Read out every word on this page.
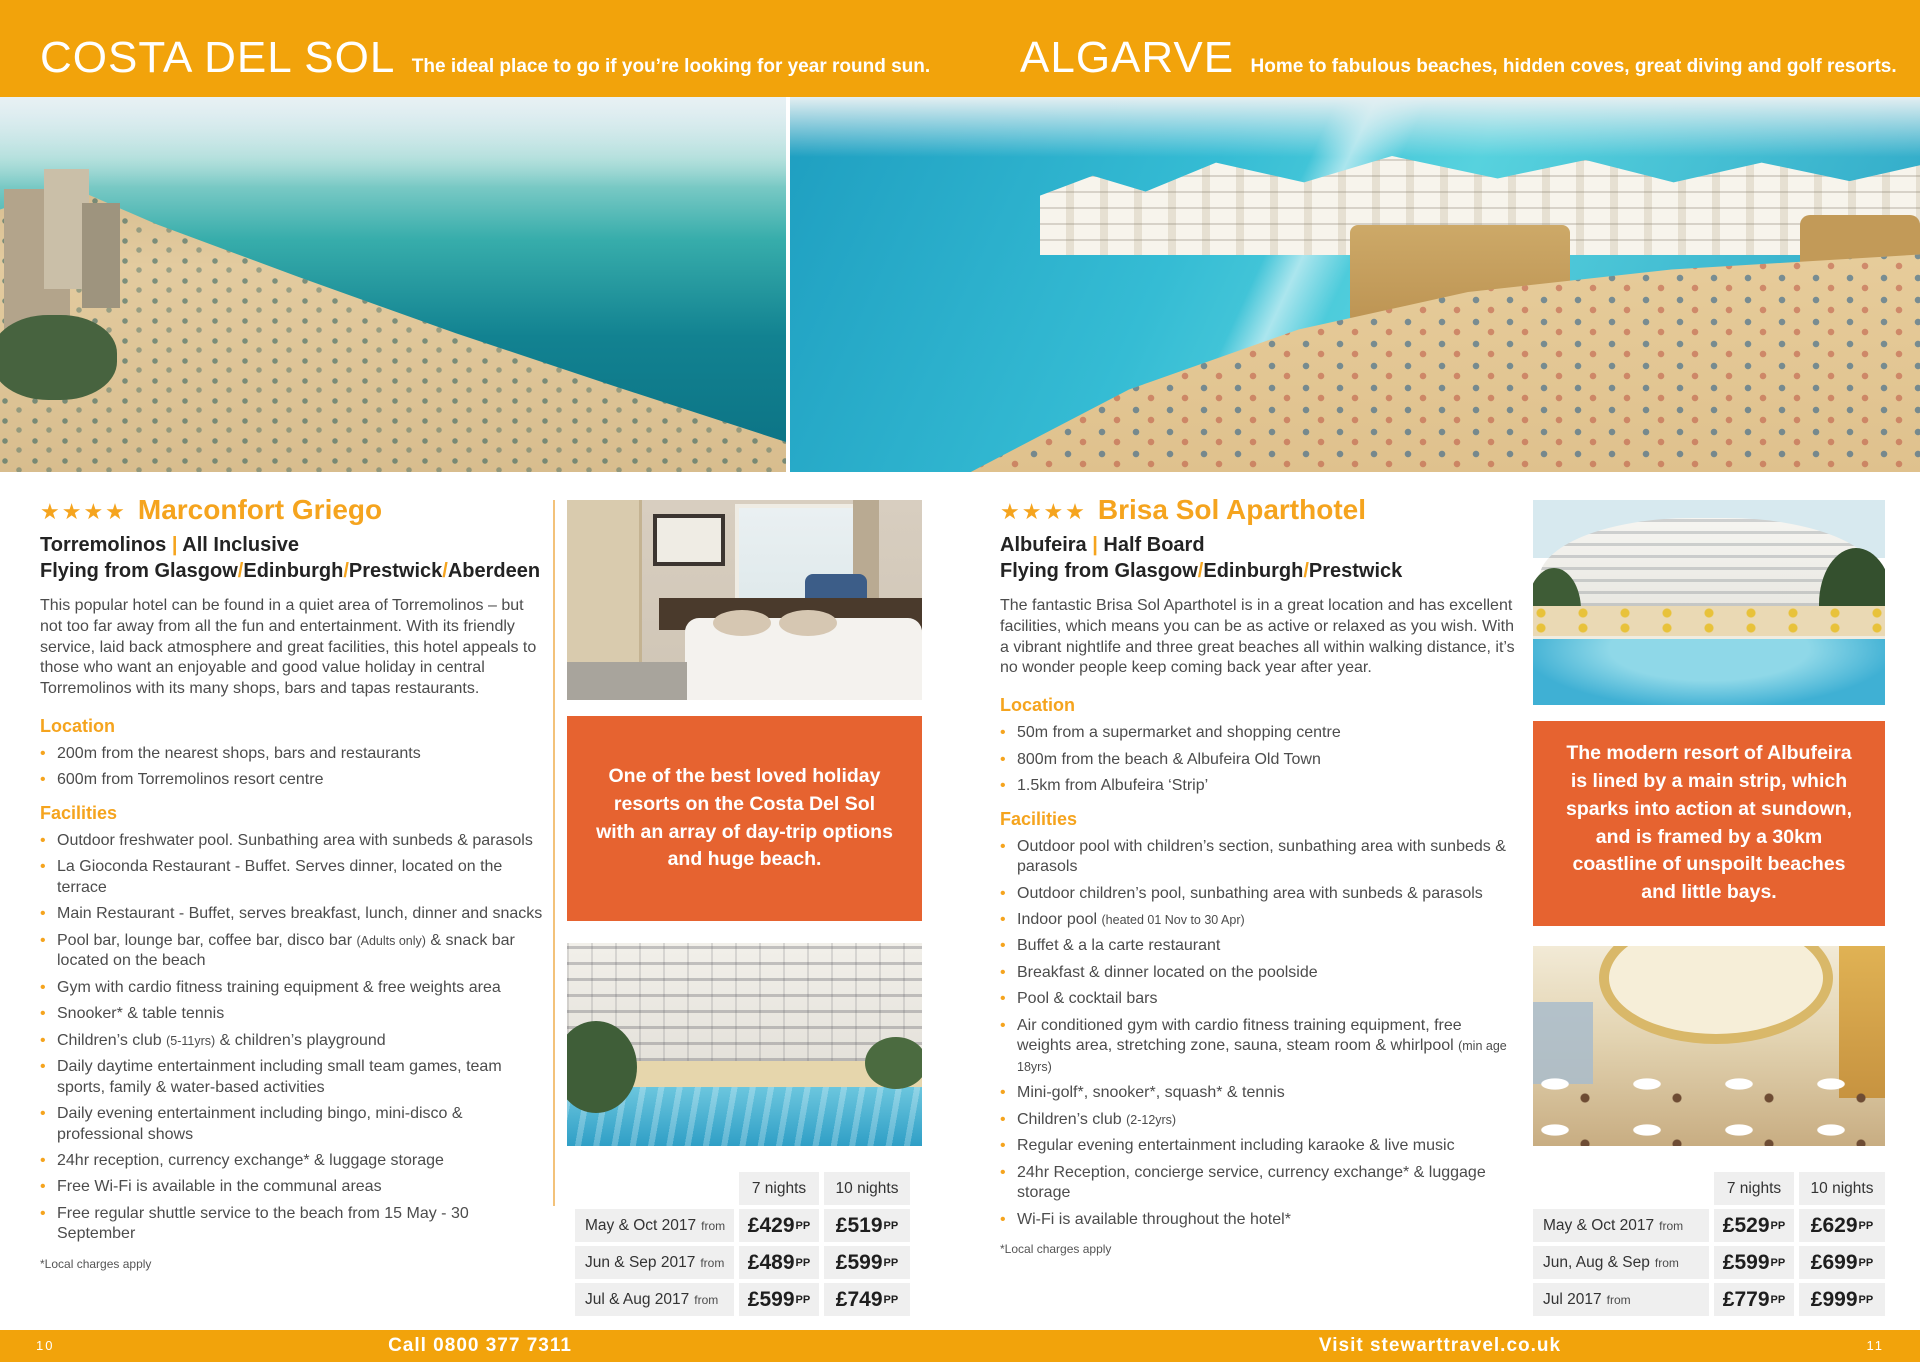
COSTA DEL SOL The ideal place to go if you’re looking for year round sun. ALGARVE Home to fabulous beaches, hidden coves, great diving and golf resorts.
★★★★ Marconfort Griego
Torremolinos | All Inclusive
Flying from Glasgow/Edinburgh/Prestwick/Aberdeen

This popular hotel can be found in a quiet area of Torremolinos – but not too far away from all the fun and entertainment. With its friendly service, laid back atmosphere and great facilities, this hotel appeals to those who want an enjoyable and good value holiday in central Torremolinos with its many shops, bars and tapas restaurants.

Location
• 200m from the nearest shops, bars and restaurants
• 600m from Torremolinos resort centre
Facilities
• Outdoor freshwater pool. Sunbathing area with sunbeds & parasols
• La Gioconda Restaurant - Buffet. Serves dinner, located on the terrace
• Main Restaurant - Buffet, serves breakfast, lunch, dinner and snacks
• Pool bar, lounge bar, coffee bar, disco bar (Adults only) & snack bar located on the beach
• Gym with cardio fitness training equipment & free weights area
• Snooker* & table tennis
• Children’s club (5-11yrs) & children’s playground
• Daily daytime entertainment including small team games, team sports, family & water-based activities
• Daily evening entertainment including bingo, mini-disco & professional shows
• 24hr reception, currency exchange* & luggage storage
• Free Wi-Fi is available in the communal areas
• Free regular shuttle service to the beach from 15 May - 30 September
*Local charges apply
One of the best loved holiday resorts on the Costa Del Sol with an array of day-trip options and huge beach.
7 nights	10 nights
May & Oct 2017 from £429 PP £519 PP
Jun & Sep 2017 from £489 PP £599 PP
Jul & Aug 2017 from £599 PP £749 PP
★★★★ Brisa Sol Aparthotel
Albufeira | Half Board
Flying from Glasgow/Edinburgh/Prestwick

The fantastic Brisa Sol Aparthotel is in a great location and has excellent facilities, which means you can be as active or relaxed as you wish. With a vibrant nightlife and three great beaches all within walking distance, it’s no wonder people keep coming back year after year.

Location
• 50m from a supermarket and shopping centre
• 800m from the beach & Albufeira Old Town
• 1.5km from Albufeira ‘Strip’
Facilities
• Outdoor pool with children’s section, sunbathing area with sunbeds & parasols
• Outdoor children’s pool, sunbathing area with sunbeds & parasols
• Indoor pool (heated 01 Nov to 30 Apr)
• Buffet & a la carte restaurant
• Breakfast & dinner located on the poolside
• Pool & cocktail bars
• Air conditioned gym with cardio fitness training equipment, free weights area, stretching zone, sauna, steam room & whirlpool (min age 18yrs)
• Mini-golf*, snooker*, squash* & tennis
• Children’s club (2-12yrs)
• Regular evening entertainment including karaoke & live music
• 24hr Reception, concierge service, currency exchange* & luggage storage
• Wi-Fi is available throughout the hotel*
*Local charges apply
The modern resort of Albufeira is lined by a main strip, which sparks into action at sundown, and is framed by a 30km coastline of unspoilt beaches and little bays.
7 nights	10 nights
May & Oct 2017 from £529 PP £629 PP
Jun, Aug & Sep from £599 PP £699 PP
Jul 2017 from	£779 PP £999 PP
10	Call 0800 377 7311	Visit stewarttravel.co.uk	11
